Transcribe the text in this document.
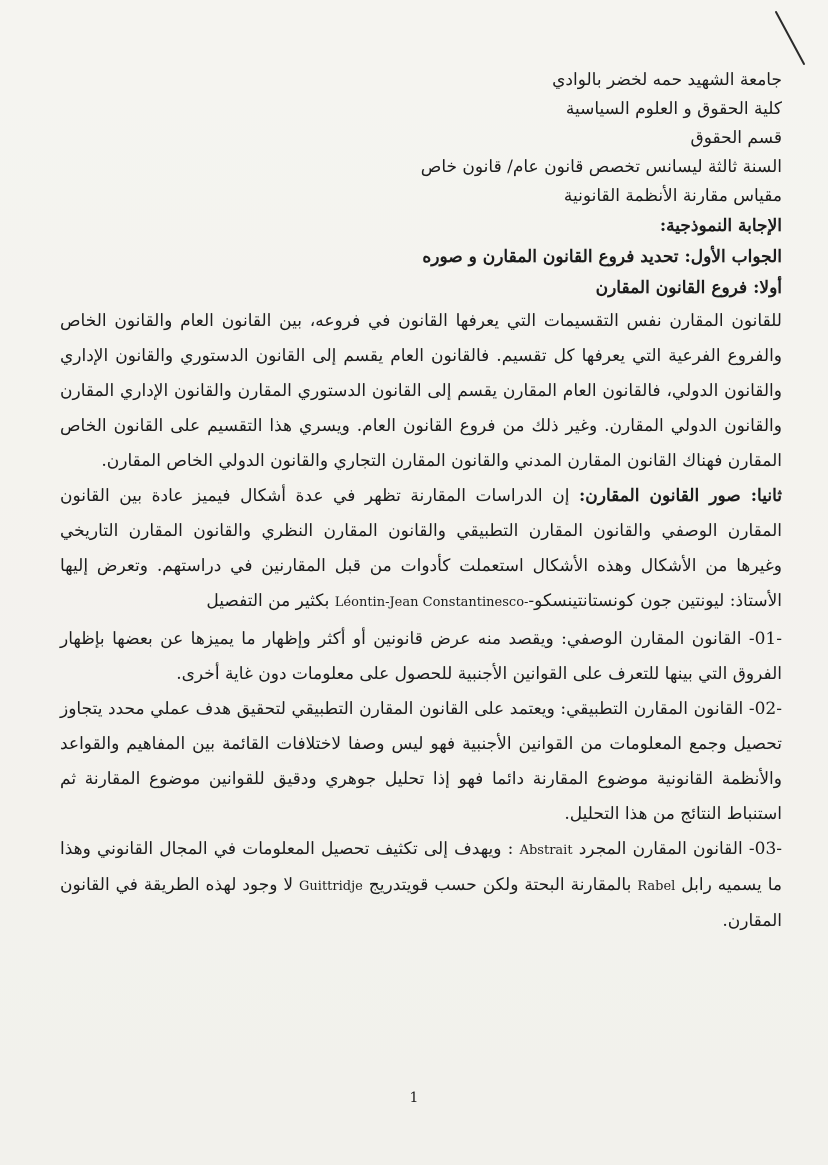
جامعة الشهيد حمه لخضر بالوادي

كلية الحقوق و العلوم السياسية

قسم الحقوق

السنة ثالثة ليسانس تخصص قانون عام/ قانون خاص

مقياس مقارنة الأنظمة القانونية

الإجابة النموذجية:

الجواب الأول: تحديد فروع القانون المقارن و صوره

أولا: فروع القانون المقارن

للقانون المقارن نفس التقسيمات التي يعرفها القانون في فروعه، بين القانون العام والقانون الخاص والفروع الفرعية التي يعرفها كل تقسيم. فالقانون العام يقسم إلى القانون الدستوري والقانون الإداري والقانون الدولي، فالقانون العام المقارن يقسم إلى القانون الدستوري المقارن والقانون الإداري المقارن والقانون الدولي المقارن. وغير ذلك من فروع القانون العام. ويسري هذا التقسيم على القانون الخاص المقارن فهناك القانون المقارن المدني والقانون المقارن التجاري والقانون الدولي الخاص المقارن.

ثانيا: صور القانون المقارن: إن الدراسات المقارنة تظهر في عدة أشكال فيميز عادة بين القانون المقارن الوصفي والقانون المقارن التطبيقي والقانون المقارن النظري والقانون المقارن التاريخي وغيرها من الأشكال وهذه الأشكال استعملت كأدوات من قبل المقارنين في دراستهم. وتعرض إليها الأستاذ: ليونتين جون كونستانتينسكو-Léontin-Jean Constantinesco- بكثير من التفصيل

-01- القانون المقارن الوصفي: ويقصد منه عرض قانونين أو أكثر وإظهار ما يميزها عن بعضها بإظهار الفروق التي بينها للتعرف على القوانين الأجنبية للحصول على معلومات دون غاية أخرى.

-02- القانون المقارن التطبيقي: ويعتمد على القانون المقارن التطبيقي لتحقيق هدف عملي محدد يتجاوز تحصيل وجمع المعلومات من القوانين الأجنبية فهو ليس وصفا لاختلافات القائمة بين المفاهيم والقواعد والأنظمة القانونية موضوع المقارنة دائما فهو إذا تحليل جوهري ودقيق للقوانين موضوع المقارنة ثم استنباط النتائج من هذا التحليل.

-03- القانون المقارن المجرد Abstrait : ويهدف إلى تكثيف تحصيل المعلومات في المجال القانوني وهذا ما يسميه رابل Rabel بالمقارنة البحتة ولكن حسب قويتدريج Guittridje لا وجود لهذه الطريقة في القانون المقارن.

1
